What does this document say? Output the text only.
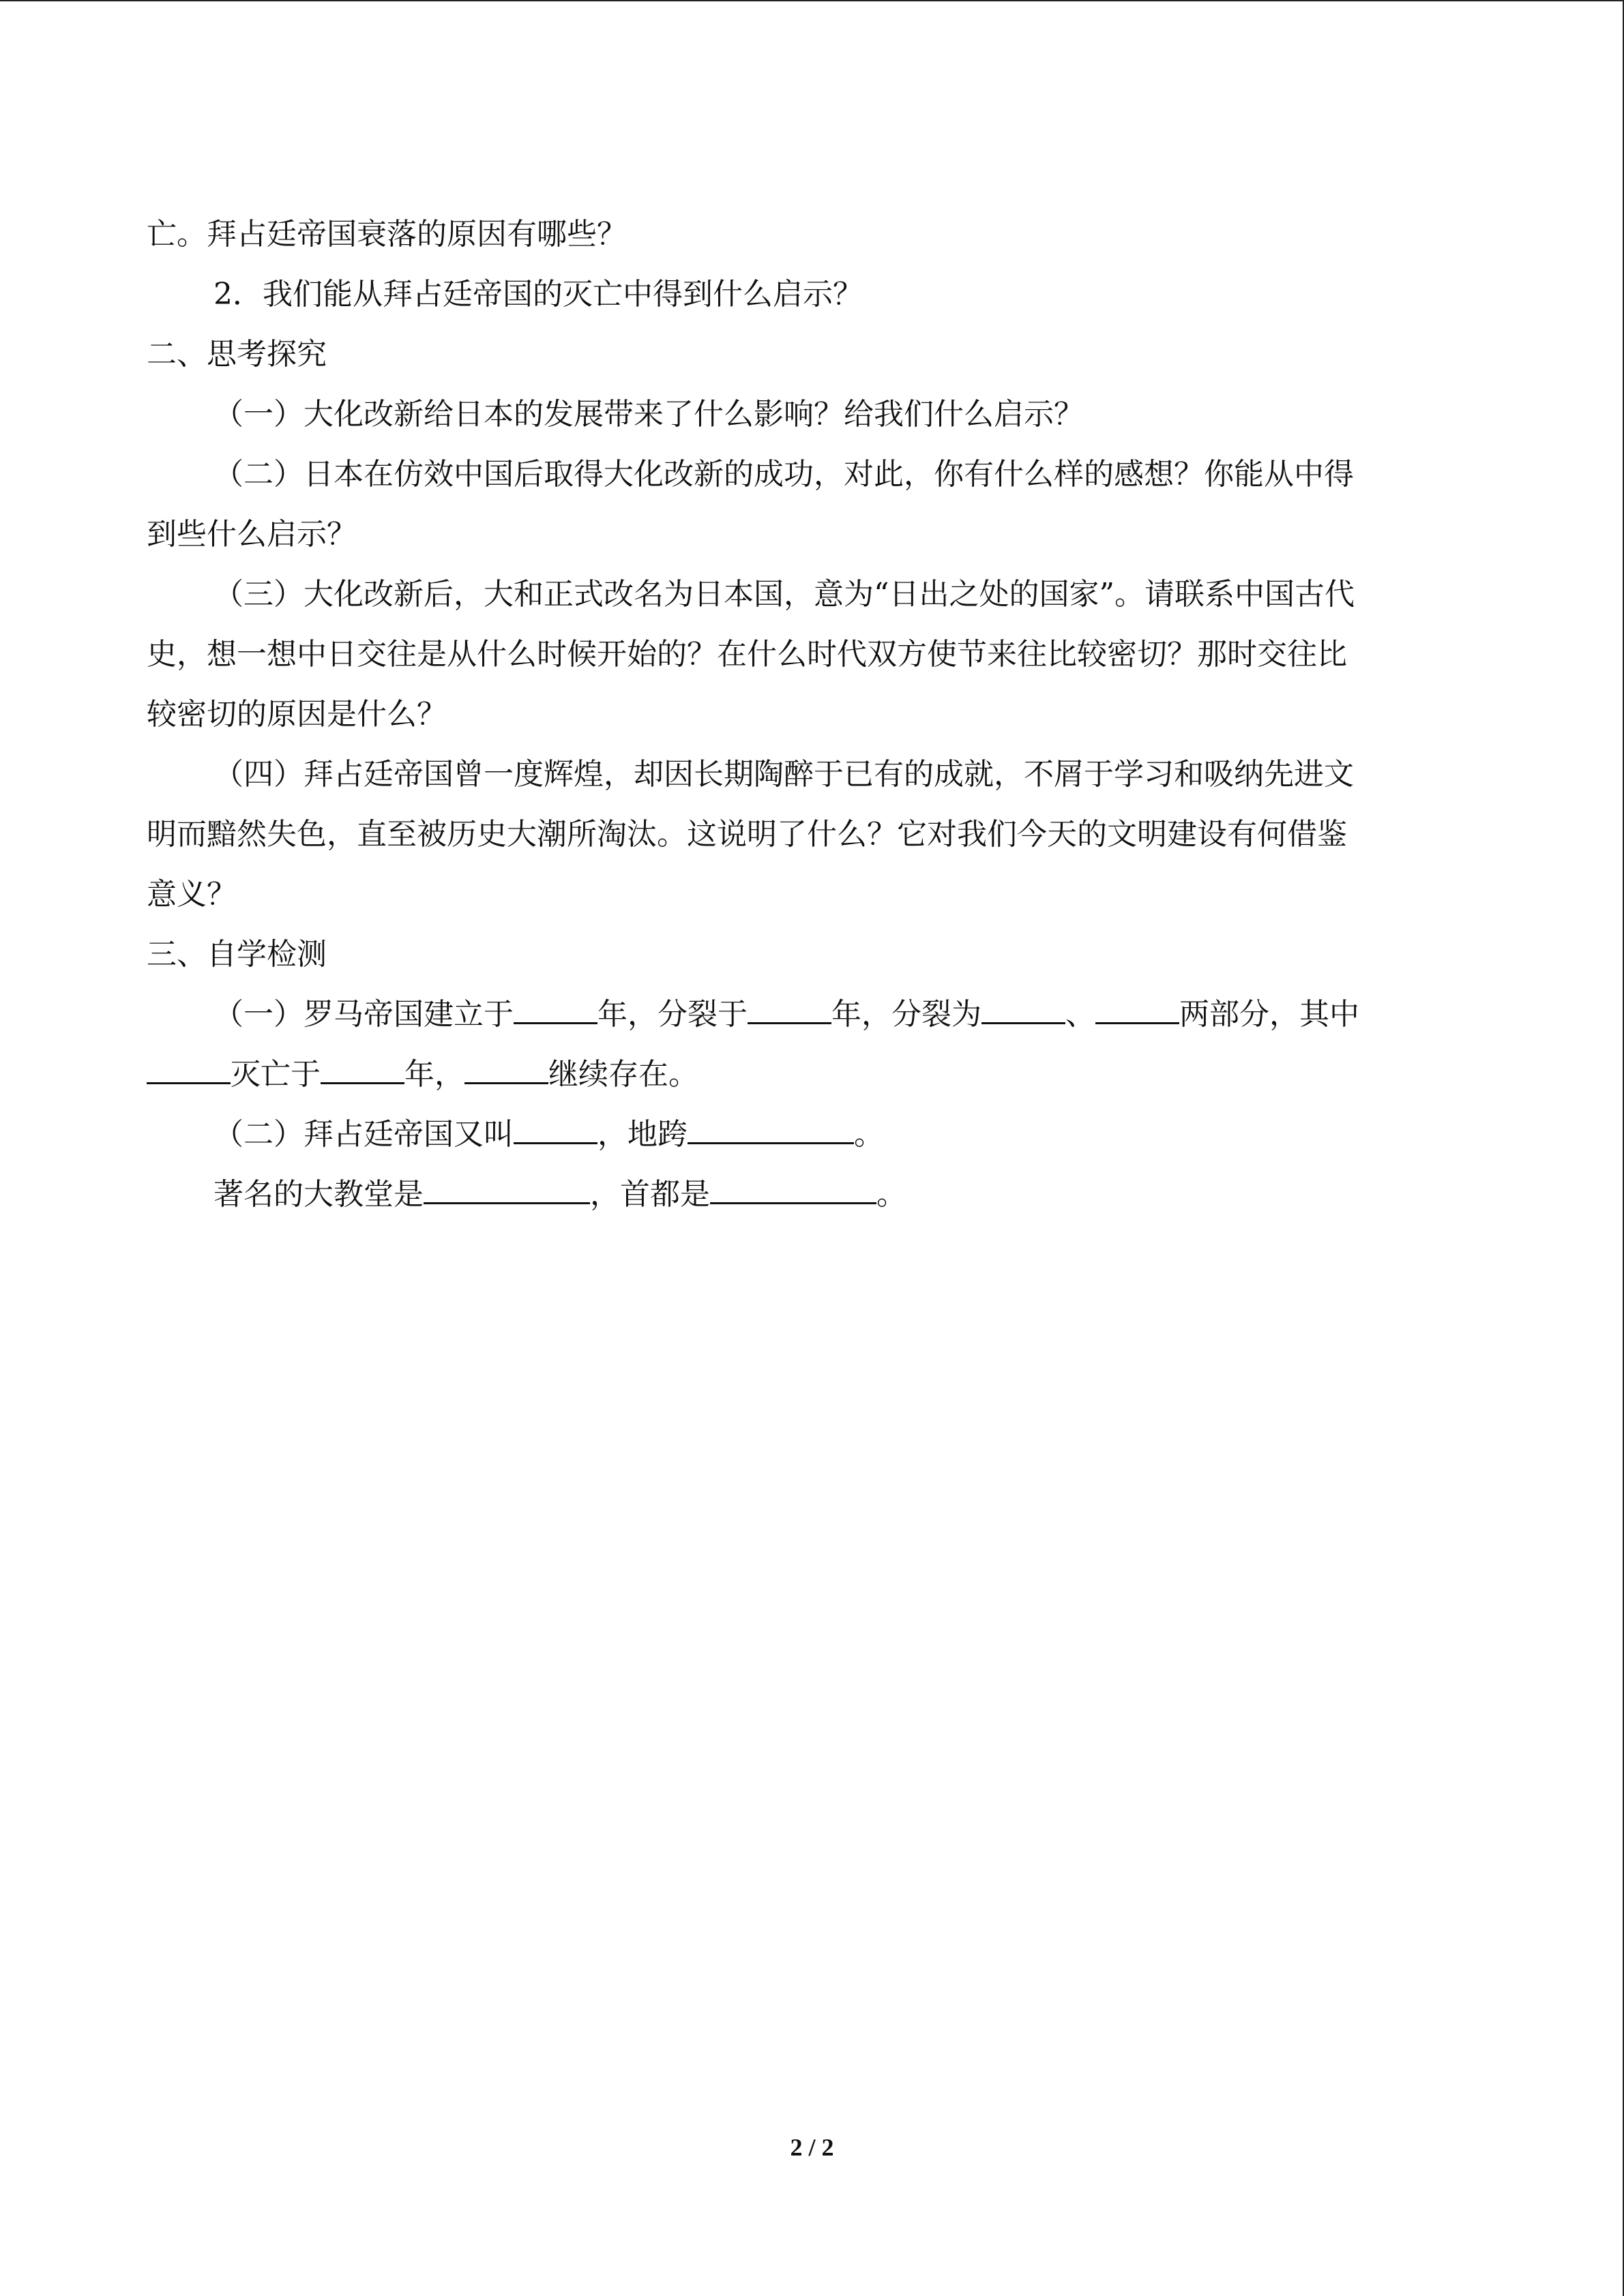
亡。拜占廷帝国衰落的原因有哪些？
2．我们能从拜占廷帝国的灭亡中得到什么启示？
二、思考探究
（一）大化改新给日本的发展带来了什么影响？给我们什么启示？
（二）日本在仿效中国后取得大化改新的成功，对此，你有什么样的感想？你能从中得
到些什么启示？
（三）大化改新后，大和正式改名为日本国，意为“日出之处的国家”。请联系中国古代
史，想一想中日交往是从什么时候开始的？在什么时代双方使节来往比较密切？那时交往比
较密切的原因是什么？
（四）拜占廷帝国曾一度辉煌，却因长期陶醉于已有的成就，不屑于学习和吸纳先进文
明而黯然失色，直至被历史大潮所淘汰。这说明了什么？它对我们今天的文明建设有何借鉴
意义？
三、自学检测
（一）罗马帝国建立于	年，分裂于	年，分裂为	、	两部分，其中
灭亡于	年，	继续存在。
（二）拜占廷帝国又叫	，地跨	。
著名的大教堂是	，首都是	。
2 / 2
